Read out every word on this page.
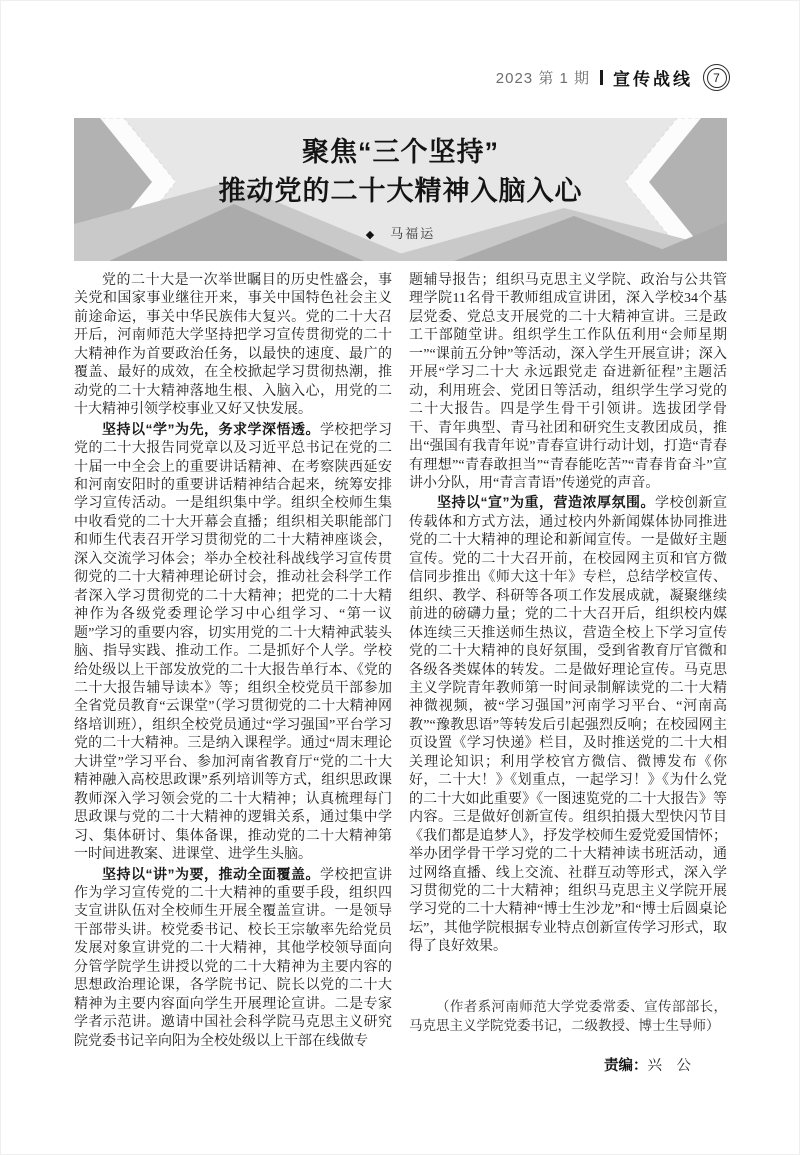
2023 第 1 期 宣传战线	7
聚焦“三个坚持”
推动党的二十大精神入脑入心
◆ 马福运

党的二十大是一次举世瞩目的历史性盛会，事关党和国家事业继往开来，事关中国特色社会主义前途命运，事关中华民族伟大复兴。党的二十大召开后，河南师范大学坚持把学习宣传贯彻党的二十大精神作为首要政治任务，以最快的速度、最广的覆盖、最好的成效，在全校掀起学习贯彻热潮，推动党的二十大精神落地生根、入脑入心，用党的二十大精神引领学校事业又好又快发展。

坚持以“学”为先，务求学深悟透。学校把学习党的二十大报告同党章以及习近平总书记在党的二十届一中全会上的重要讲话精神、在考察陕西延安和河南安阳时的重要讲话精神结合起来，统筹安排学习宣传活动。一是组织集中学。组织全校师生集中收看党的二十大开幕会直播；组织相关职能部门和师生代表召开学习贯彻党的二十大精神座谈会，深入交流学习体会；举办全校社科战线学习宣传贯彻党的二十大精神理论研讨会，推动社会科学工作者深入学习贯彻党的二十大精神；把党的二十大精神作为各级党委理论学习中心组学习、“第一议题”学习的重要内容，切实用党的二十大精神武装头脑、指导实践、推动工作。二是抓好个人学。学校给处级以上干部发放党的二十大报告单行本、《党的二十大报告辅导读本》等；组织全校党员干部参加全省党员教育“云课堂”（学习贯彻党的二十大精神网络培训班），组织全校党员通过“学习强国”平台学习党的二十大精神。三是纳入课程学。通过“周末理论大讲堂”学习平台、参加河南省教育厅“党的二十大精神融入高校思政课”系列培训等方式，组织思政课教师深入学习领会党的二十大精神；认真梳理每门思政课与党的二十大精神的逻辑关系，通过集中学习、集体研讨、集体备课，推动党的二十大精神第一时间进教案、进课堂、进学生头脑。

坚持以“讲”为要，推动全面覆盖。学校把宣讲作为学习宣传党的二十大精神的重要手段，组织四支宣讲队伍对全校师生开展全覆盖宣讲。一是领导干部带头讲。校党委书记、校长王宗敏率先给党员发展对象宣讲党的二十大精神，其他学校领导面向分管学院学生讲授以党的二十大精神为主要内容的思想政治理论课，各学院书记、院长以党的二十大精神为主要内容面向学生开展理论宣讲。二是专家学者示范讲。邀请中国社会科学院马克思主义研究院党委书记辛向阳为全校处级以上干部在线做专

题辅导报告；组织马克思主义学院、政治与公共管理学院11名骨干教师组成宣讲团，深入学校34个基层党委、党总支开展党的二十大精神宣讲。三是政工干部随堂讲。组织学生工作队伍利用“会师星期一”“课前五分钟”等活动，深入学生开展宣讲；深入开展“学习二十大 永远跟党走 奋进新征程”主题活动，利用班会、党团日等活动，组织学生学习党的二十大报告。四是学生骨干引领讲。选拔团学骨干、青年典型、青马社团和研究生支教团成员，推出“强国有我青年说”青春宣讲行动计划，打造“青春有理想”“青春敢担当”“青春能吃苦”“青春肯奋斗”宣讲小分队，用“青言青语”传递党的声音。

坚持以“宣”为重，营造浓厚氛围。学校创新宣传载体和方式方法，通过校内外新闻媒体协同推进党的二十大精神的理论和新闻宣传。一是做好主题宣传。党的二十大召开前，在校园网主页和官方微信同步推出《师大这十年》专栏，总结学校宣传、组织、教学、科研等各项工作发展成就，凝聚继续前进的磅礴力量；党的二十大召开后，组织校内媒体连续三天推送师生热议，营造全校上下学习宣传党的二十大精神的良好氛围，受到省教育厅官微和各级各类媒体的转发。二是做好理论宣传。马克思主义学院青年教师第一时间录制解读党的二十大精神微视频，被“学习强国”河南学习平台、“河南高教”“豫教思语”等转发后引起强烈反响；在校园网主页设置《学习快递》栏目，及时推送党的二十大相关理论知识；利用学校官方微信、微博发布《你好，二十大！》《划重点，一起学习！》《为什么党的二十大如此重要》《一图速览党的二十大报告》等内容。三是做好创新宣传。组织拍摄大型快闪节目《我们都是追梦人》，抒发学校师生爱党爱国情怀；举办团学骨干学习党的二十大精神读书班活动，通过网络直播、线上交流、社群互动等形式，深入学习贯彻党的二十大精神；组织马克思主义学院开展学习党的二十大精神“博士生沙龙”和“博士后圆桌论坛”，其他学院根据专业特点创新宣传学习形式，取得了良好效果。

（作者系河南师范大学党委常委、宣传部部长，马克思主义学院党委书记，二级教授、博士生导师）
责编：兴　公
